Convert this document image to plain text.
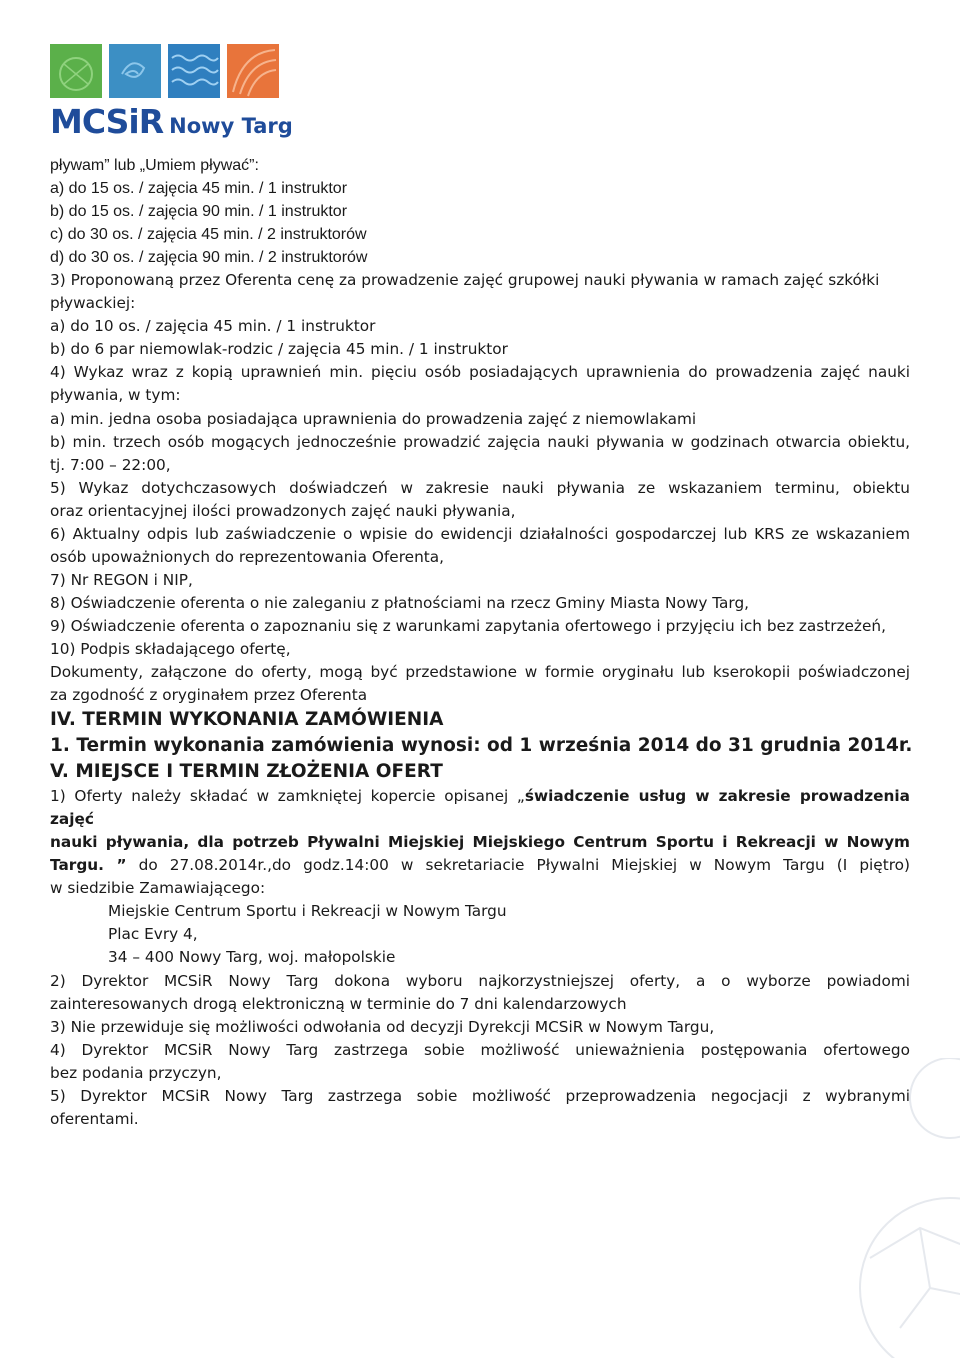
MCSiR Nowy Targ
pływam” lub „Umiem pływać”:
a) do 15 os. / zajęcia 45 min. / 1 instruktor
b) do 15 os. / zajęcia 90 min. / 1 instruktor
c) do 30 os. / zajęcia 45 min. / 2 instruktorów
d) do 30 os. / zajęcia 90 min. / 2 instruktorów
3) Proponowaną przez Oferenta cenę za prowadzenie zajęć grupowej nauki pływania w ramach zajęć szkółki
pływackiej:
a) do 10 os. / zajęcia 45 min. / 1 instruktor
b) do 6 par niemowlak-rodzic / zajęcia 45 min. / 1 instruktor
4) Wykaz wraz z kopią uprawnień min. pięciu osób posiadających uprawnienia do prowadzenia zajęć nauki
pływania, w tym:
a) min. jedna osoba posiadająca uprawnienia do prowadzenia zajęć z niemowlakami
b) min. trzech osób mogących jednocześnie prowadzić zajęcia nauki pływania w godzinach otwarcia obiektu,
tj. 7:00 – 22:00,
5) Wykaz dotychczasowych doświadczeń w zakresie nauki pływania ze wskazaniem terminu, obiektu
oraz orientacyjnej ilości prowadzonych zajęć nauki pływania,
6) Aktualny odpis lub zaświadczenie o wpisie do ewidencji działalności gospodarczej lub KRS ze wskazaniem
osób upoważnionych do reprezentowania Oferenta,
7) Nr REGON i NIP,
8) Oświadczenie oferenta o nie zaleganiu z płatnościami na rzecz Gminy Miasta Nowy Targ,
9) Oświadczenie oferenta o zapoznaniu się z warunkami zapytania ofertowego i przyjęciu ich bez zastrzeżeń,
10) Podpis składającego ofertę,
Dokumenty, załączone do oferty, mogą być przedstawione w formie oryginału lub kserokopii poświadczonej
za zgodność z oryginałem przez Oferenta
IV. TERMIN WYKONANIA ZAMÓWIENIA
1. Termin wykonania zamówienia wynosi: od 1 września 2014 do 31 grudnia 2014r.
V. MIEJSCE I TERMIN ZŁOŻENIA OFERT
1) Oferty należy składać w zamkniętej kopercie opisanej „świadczenie usług w zakresie prowadzenia zajęć
nauki pływania, dla potrzeb Pływalni Miejskiej Miejskiego Centrum Sportu i Rekreacji w Nowym
Targu. ” do 27.08.2014r.,do godz.14:00 w sekretariacie Pływalni Miejskiej w Nowym Targu (I piętro)
w siedzibie Zamawiającego:
Miejskie Centrum Sportu i Rekreacji w Nowym Targu
Plac Evry 4,
34 – 400 Nowy Targ, woj. małopolskie
2) Dyrektor MCSiR Nowy Targ dokona wyboru najkorzystniejszej oferty, a o wyborze powiadomi
zainteresowanych drogą elektroniczną w terminie do 7 dni kalendarzowych
3) Nie przewiduje się możliwości odwołania od decyzji Dyrekcji MCSiR w Nowym Targu,
4) Dyrektor MCSiR Nowy Targ zastrzega sobie możliwość unieważnienia postępowania ofertowego
bez podania przyczyn,
5) Dyrektor MCSiR Nowy Targ zastrzega sobie możliwość przeprowadzenia negocjacji z wybranymi
oferentami.
